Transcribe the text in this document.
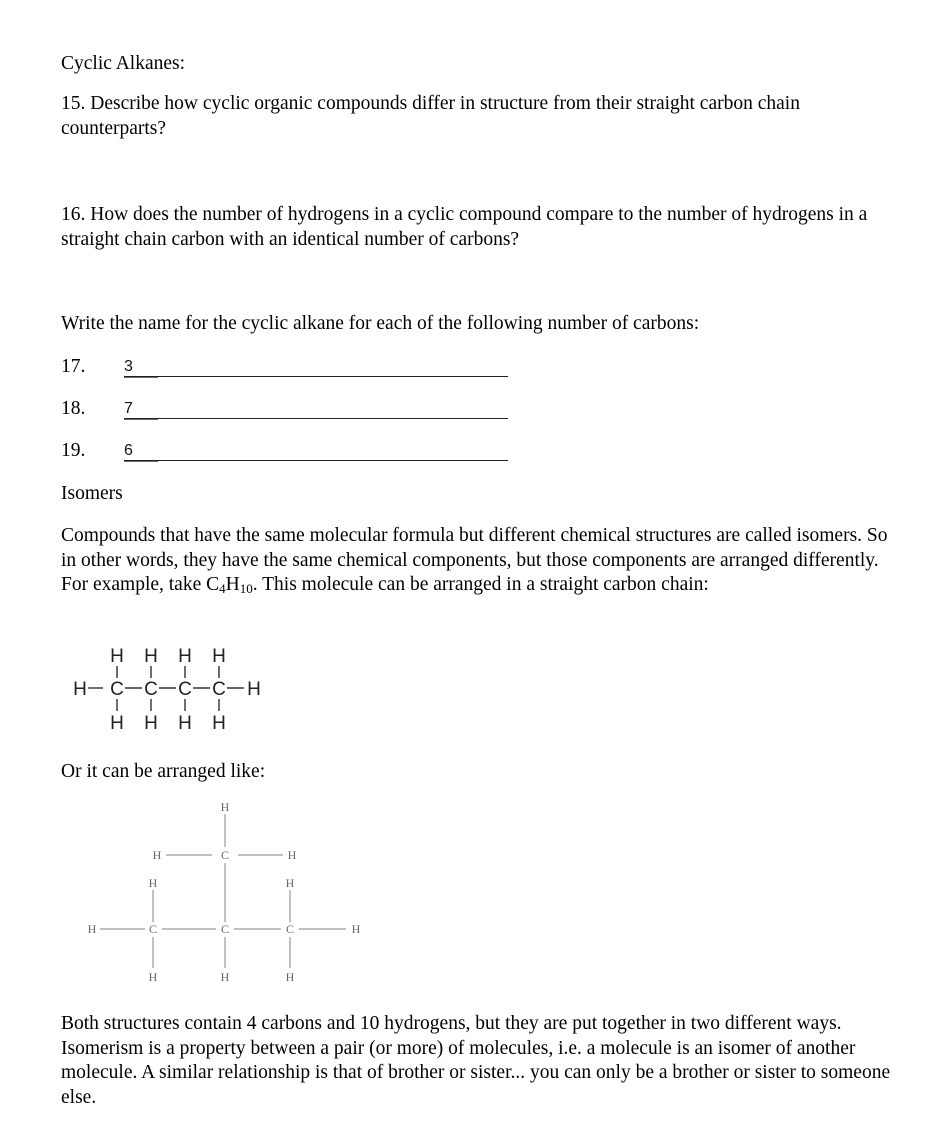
Cyclic Alkanes:
15. Describe how cyclic organic compounds differ in structure from their straight carbon chain counterparts?
16. How does the number of hydrogens in a cyclic compound compare to the number of hydrogens in a straight chain carbon with an identical number of carbons?
Write the name for the cyclic alkane for each of the following number of carbons:
17. 3
18. 7
19. 6
Isomers
Compounds that have the same molecular formula but different chemical structures are called isomers. So in other words, they have the same chemical components, but those components are arranged differently. For example, take $C_4H_{10}$. This molecule can be arranged in a straight carbon chain:
H H H H
H C C C C H
H H H H
Or it can be arranged like:
H
H	C	H
H	H
H	C	C	C	H
H	H	H
Both structures contain 4 carbons and 10 hydrogens, but they are put together in two different ways. Isomerism is a property between a pair (or more) of molecules, i.e. a molecule is an isomer of another molecule. A similar relationship is that of brother or sister... you can only be a brother or sister to someone else.
